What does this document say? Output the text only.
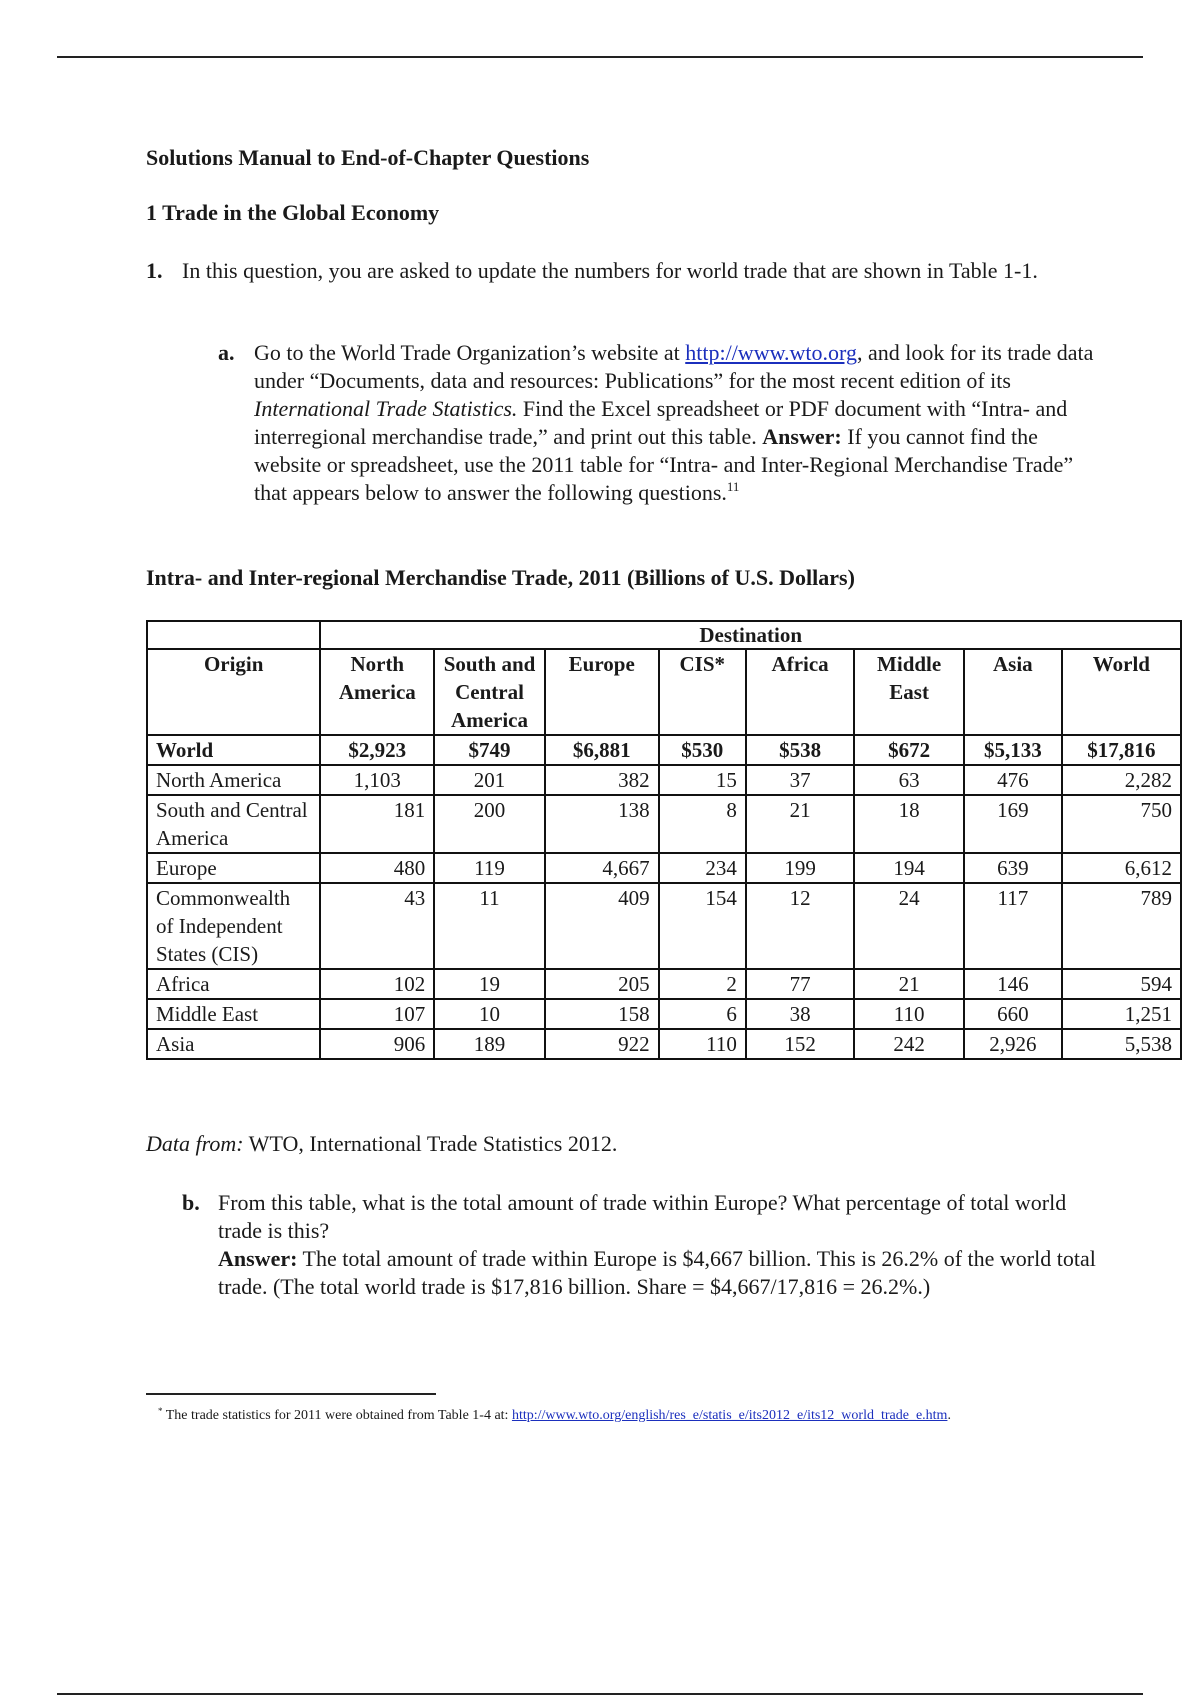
Solutions Manual to End-of-Chapter Questions
1 Trade in the Global Economy
1. In this question, you are asked to update the numbers for world trade that are shown in Table 1-1.
a. Go to the World Trade Organization’s website at http://www.wto.org, and look for its trade data under “Documents, data and resources: Publications” for the most recent edition of its International Trade Statistics. Find the Excel spreadsheet or PDF document with “Intra- and interregional merchandise trade,” and print out this table. Answer: If you cannot find the website or spreadsheet, use the 2011 table for “Intra- and Inter-Regional Merchandise Trade” that appears below to answer the following questions.$^{11}$
Intra- and Inter-regional Merchandise Trade, 2011 (Billions of U.S. Dollars)
	Destination							
Origin	North America	South and Central America	Europe	CIS*	Africa	Middle East	Asia	World
World	$2,923	$749	$6,881	$530	$538	$672	$5,133	$17,816
North America	1,103	201	382	15	37	63	476	2,282
South and Central America	181	200	138	8	21	18	169	750
Europe	480	119	4,667	234	199	194	639	6,612
Commonwealth of Independent States (CIS)	43	11	409	154	12	24	117	789
Africa	102	19	205	2	77	21	146	594
Middle East	107	10	158	6	38	110	660	1,251
Asia	906	189	922	110	152	242	2,926	5,538
Data from: WTO, International Trade Statistics 2012.
b. From this table, what is the total amount of trade within Europe? What percentage of total world trade is this?
Answer: The total amount of trade within Europe is $4,667 billion. This is 26.2% of the world total trade. (The total world trade is $17,816 billion. Share = $4,667/17,816 = 26.2%.)
* The trade statistics for 2011 were obtained from Table 1-4 at: http://www.wto.org/english/res_e/statis_e/its2012_e/its12_world_trade_e.htm.
